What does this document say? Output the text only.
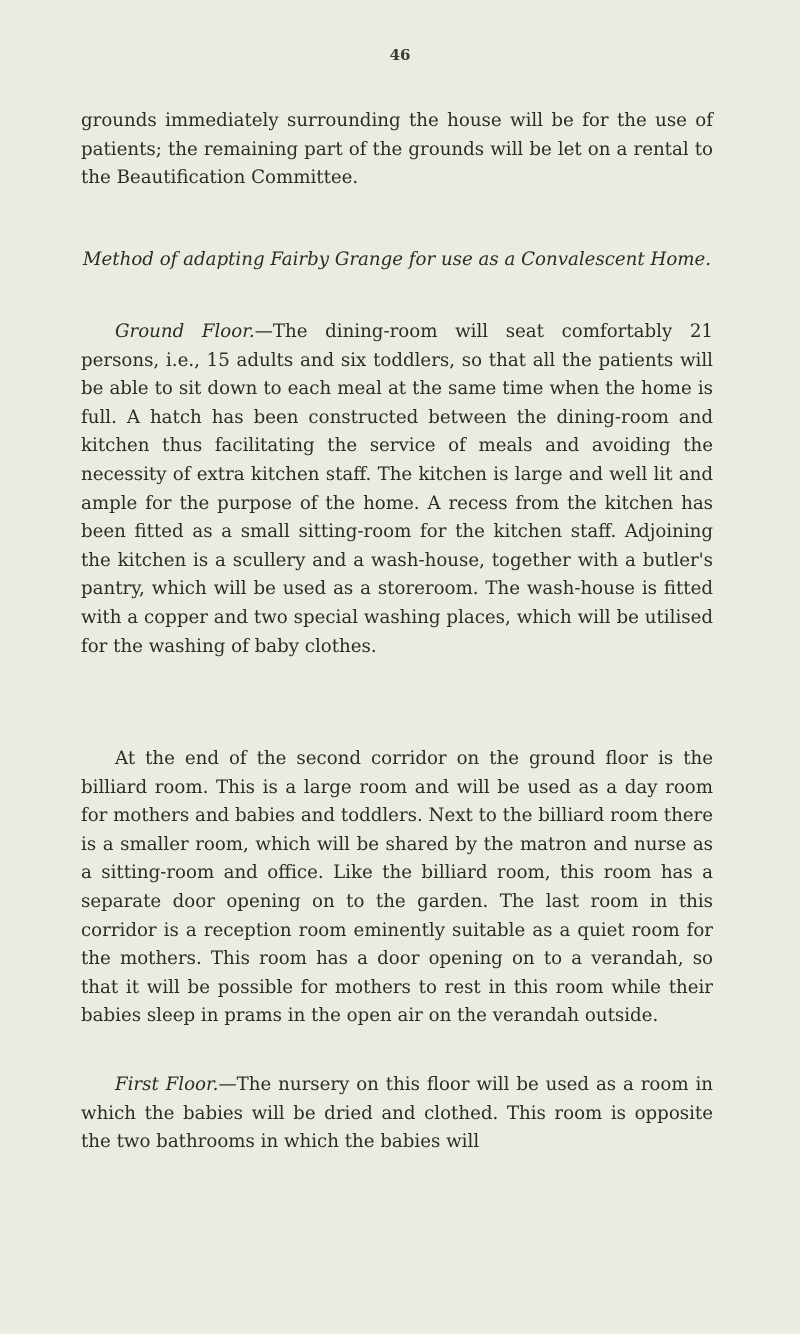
46

grounds immediately surrounding the house will be for the use of patients; the remaining part of the grounds will be let on a rental to the Beautification Committee.

Method of adapting Fairby Grange for use as a Convalescent Home.

Ground Floor.—The dining-room will seat comfortably 21 persons, i.e., 15 adults and six toddlers, so that all the patients will be able to sit down to each meal at the same time when the home is full. A hatch has been constructed between the dining-room and kitchen thus facilitating the service of meals and avoiding the necessity of extra kitchen staff. The kitchen is large and well lit and ample for the purpose of the home. A recess from the kitchen has been fitted as a small sitting-room for the kitchen staff. Adjoining the kitchen is a scullery and a wash-house, together with a butler's pantry, which will be used as a storeroom. The wash-house is fitted with a copper and two special washing places, which will be utilised for the washing of baby clothes.

At the end of the second corridor on the ground floor is the billiard room. This is a large room and will be used as a day room for mothers and babies and toddlers. Next to the billiard room there is a smaller room, which will be shared by the matron and nurse as a sitting-room and office. Like the billiard room, this room has a separate door opening on to the garden. The last room in this corridor is a reception room eminently suitable as a quiet room for the mothers. This room has a door opening on to a verandah, so that it will be possible for mothers to rest in this room while their babies sleep in prams in the open air on the verandah outside.

First Floor.—The nursery on this floor will be used as a room in which the babies will be dried and clothed. This room is opposite the two bathrooms in which the babies will
